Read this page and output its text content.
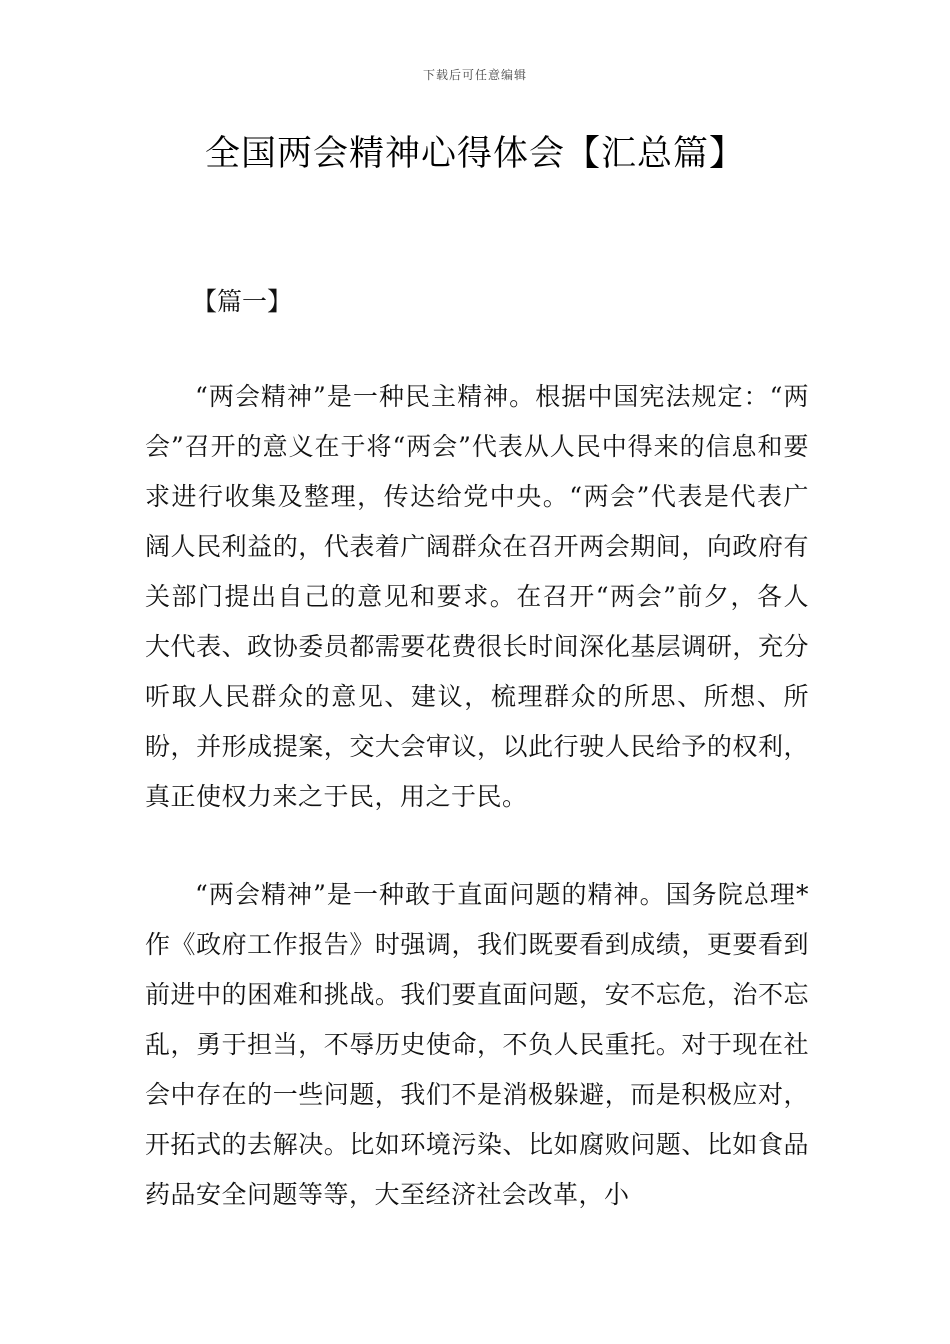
下载后可任意编辑
全国两会精神心得体会【汇总篇】
【篇一】

“两会精神”是一种民主精神。根据中国宪法规定：“两会”召开的意义在于将“两会”代表从人民中得来的信息和要求进行收集及整理，传达给党中央。“两会”代表是代表广阔人民利益的，代表着广阔群众在召开两会期间，向政府有关部门提出自己的意见和要求。在召开“两会”前夕，各人大代表、政协委员都需要花费很长时间深化基层调研，充分听取人民群众的意见、建议，梳理群众的所思、所想、所盼，并形成提案，交大会审议，以此行驶人民给予的权利，真正使权力来之于民，用之于民。

“两会精神”是一种敢于直面问题的精神。国务院总理*作《政府工作报告》时强调，我们既要看到成绩，更要看到前进中的困难和挑战。我们要直面问题，安不忘危，治不忘乱，勇于担当，不辱历史使命，不负人民重托。对于现在社会中存在的一些问题，我们不是消极躲避，而是积极应对，开拓式的去解决。比如环境污染、比如腐败问题、比如食品药品安全问题等等，大至经济社会改革，小
